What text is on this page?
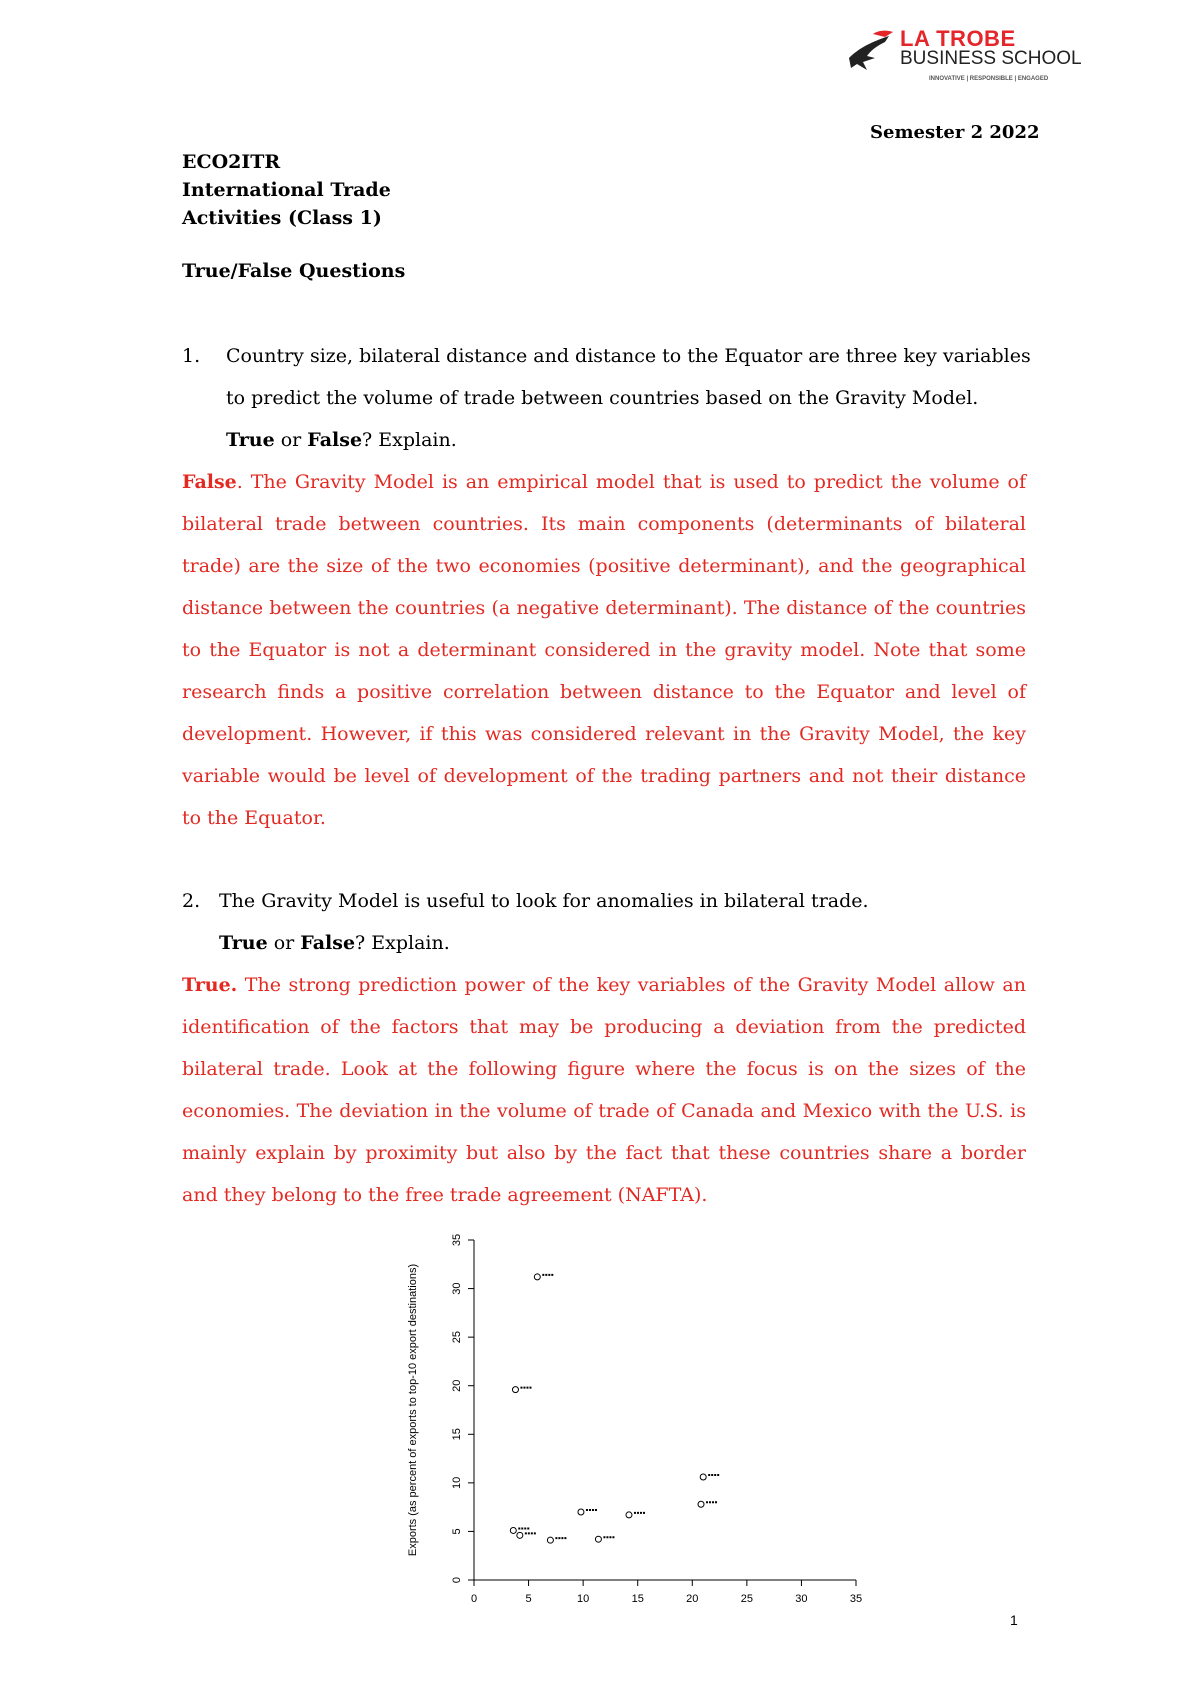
LA TROBE
BUSINESS SCHOOL
INNOVATIVE | RESPONSIBLE | ENGAGED
Semester 2 2022
ECO2ITR
International Trade
Activities (Class 1)
True/False Questions
1. Country size, bilateral distance and distance to the Equator are three key variables
to predict the volume of trade between countries based on the Gravity Model.
True or False? Explain.
False. The Gravity Model is an empirical model that is used to predict the volume of bilateral trade between countries. Its main components (determinants of bilateral trade) are the size of the two economies (positive determinant), and the geographical distance between the countries (a negative determinant). The distance of the countries to the Equator is not a determinant considered in the gravity model. Note that some research finds a positive correlation between distance to the Equator and level of development. However, if this was considered relevant in the Gravity Model, the key variable would be level of development of the trading partners and not their distance to the Equator.
2. The Gravity Model is useful to look for anomalies in bilateral trade.
True or False? Explain.
True. The strong prediction power of the key variables of the Gravity Model allow an identification of the factors that may be producing a deviation from the predicted bilateral trade. Look at the following figure where the focus is on the sizes of the economies. The deviation in the volume of trade of Canada and Mexico with the U.S. is mainly explain by proximity but also by the fact that these countries share a border and they belong to the free trade agreement (NAFTA).
0	5	10	15	20	25	30	35
0
5
10
15
20
25
30
35
Exports (as percent of exports to top-10 export destinations)
1
